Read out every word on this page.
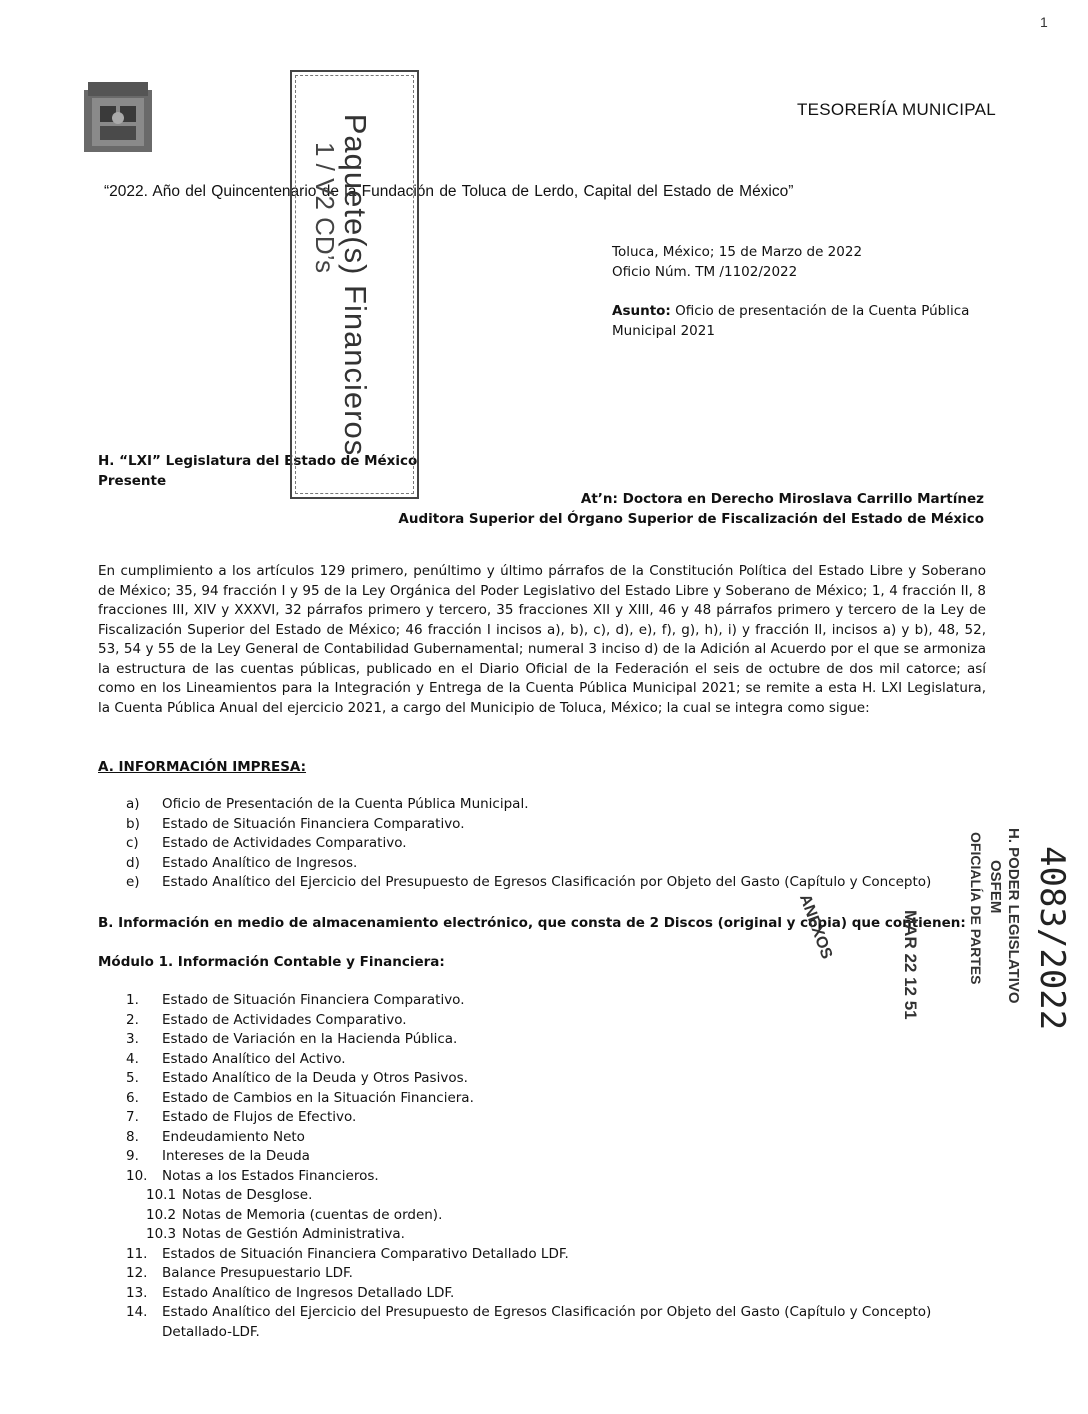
1
TESORERÍA MUNICIPAL
“2022. Año del Quincentenario de la Fundación de Toluca de Lerdo, Capital del Estado de México”
Toluca, México; 15 de Marzo de 2022
Oficio Núm. TM /1102/2022
Asunto: Oficio de presentación de la Cuenta Pública Municipal 2021
H. “LXI” Legislatura del Estado de México
Presente
At’n: Doctora en Derecho Miroslava Carrillo Martínez
Auditora Superior del Órgano Superior de Fiscalización del Estado de México
En cumplimiento a los artículos 129 primero, penúltimo y último párrafos de la Constitución Política del Estado Libre y Soberano de México; 35, 94 fracción I y 95 de la Ley Orgánica del Poder Legislativo del Estado Libre y Soberano de México; 1, 4 fracción II, 8 fracciones III, XIV y XXXVI, 32 párrafos primero y tercero, 35 fracciones XII y XIII, 46 y 48 párrafos primero y tercero de la Ley de Fiscalización Superior del Estado de México; 46 fracción I incisos a), b), c), d), e), f), g), h), i) y fracción II, incisos a) y b), 48, 52, 53, 54 y 55 de la Ley General de Contabilidad Gubernamental; numeral 3 inciso d) de la Adición al Acuerdo por el que se armoniza la estructura de las cuentas públicas, publicado en el Diario Oficial de la Federación el seis de octubre de dos mil catorce; así como en los Lineamientos para la Integración y Entrega de la Cuenta Pública Municipal 2021; se remite a esta H. LXI Legislatura, la Cuenta Pública Anual del ejercicio 2021, a cargo del Municipio de Toluca, México; la cual se integra como sigue:
A. INFORMACIÓN IMPRESA:
a)	Oficio de Presentación de la Cuenta Pública Municipal.
b)	Estado de Situación Financiera Comparativo.
c)	Estado de Actividades Comparativo.
d)	Estado Analítico de Ingresos.
e)	Estado Analítico del Ejercicio del Presupuesto de Egresos Clasificación por Objeto del Gasto (Capítulo y Concepto)
B. Información en medio de almacenamiento electrónico, que consta de 2 Discos (original y copia) que contienen:
Módulo 1. Información Contable y Financiera:
1.	Estado de Situación Financiera Comparativo.
2.	Estado de Actividades Comparativo.
3.	Estado de Variación en la Hacienda Pública.
4.	Estado Analítico del Activo.
5.	Estado Analítico de la Deuda y Otros Pasivos.
6.	Estado de Cambios en la Situación Financiera.
7.	Estado de Flujos de Efectivo.
8.	Endeudamiento Neto
9.	Intereses de la Deuda
10.	Notas a los Estados Financieros.
10.1 Notas de Desglose.
10.2 Notas de Memoria (cuentas de orden).
10.3 Notas de Gestión Administrativa.
11.	Estados de Situación Financiera Comparativo Detallado LDF.
12.	Balance Presupuestario LDF.
13.	Estado Analítico de Ingresos Detallado LDF.
14.	Estado Analítico del Ejercicio del Presupuesto de Egresos Clasificación por Objeto del Gasto (Capítulo y Concepto) Detallado-LDF.
Paquete(s) Financieros
1 / V2 CD’s
H. PODER LEGISLATIVO
OSFEM
OFICIALÍA DE PARTES
MAR 22 12 51
ANEXOS	4083/2022
